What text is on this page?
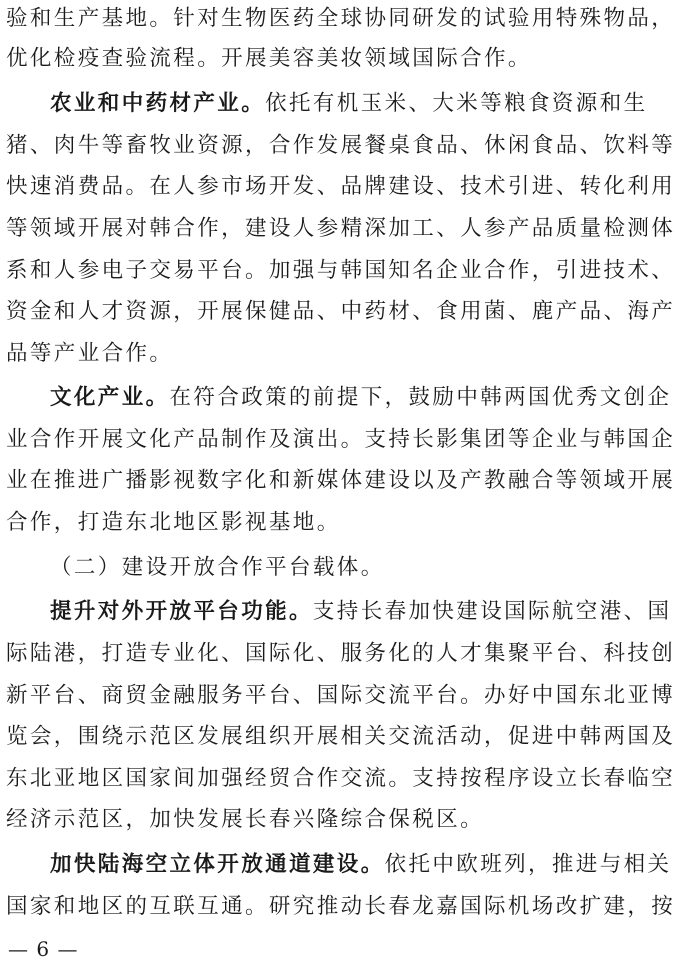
验和生产基地。针对生物医药全球协同研发的试验用特殊物品，
优化检疫查验流程。开展美容美妆领域国际合作。
农业和中药材产业。依托有机玉米、大米等粮食资源和生
猪、肉牛等畜牧业资源，合作发展餐桌食品、休闲食品、饮料等
快速消费品。在人参市场开发、品牌建设、技术引进、转化利用
等领域开展对韩合作，建设人参精深加工、人参产品质量检测体
系和人参电子交易平台。加强与韩国知名企业合作，引进技术、
资金和人才资源，开展保健品、中药材、食用菌、鹿产品、海产
品等产业合作。
文化产业。在符合政策的前提下，鼓励中韩两国优秀文创企
业合作开展文化产品制作及演出。支持长影集团等企业与韩国企
业在推进广播影视数字化和新媒体建设以及产教融合等领域开展
合作，打造东北地区影视基地。
（二）建设开放合作平台载体。
提升对外开放平台功能。支持长春加快建设国际航空港、国
际陆港，打造专业化、国际化、服务化的人才集聚平台、科技创
新平台、商贸金融服务平台、国际交流平台。办好中国东北亚博
览会，围绕示范区发展组织开展相关交流活动，促进中韩两国及
东北亚地区国家间加强经贸合作交流。支持按程序设立长春临空
经济示范区，加快发展长春兴隆综合保税区。
加快陆海空立体开放通道建设。依托中欧班列，推进与相关
国家和地区的互联互通。研究推动长春龙嘉国际机场改扩建，按
— 6 —
